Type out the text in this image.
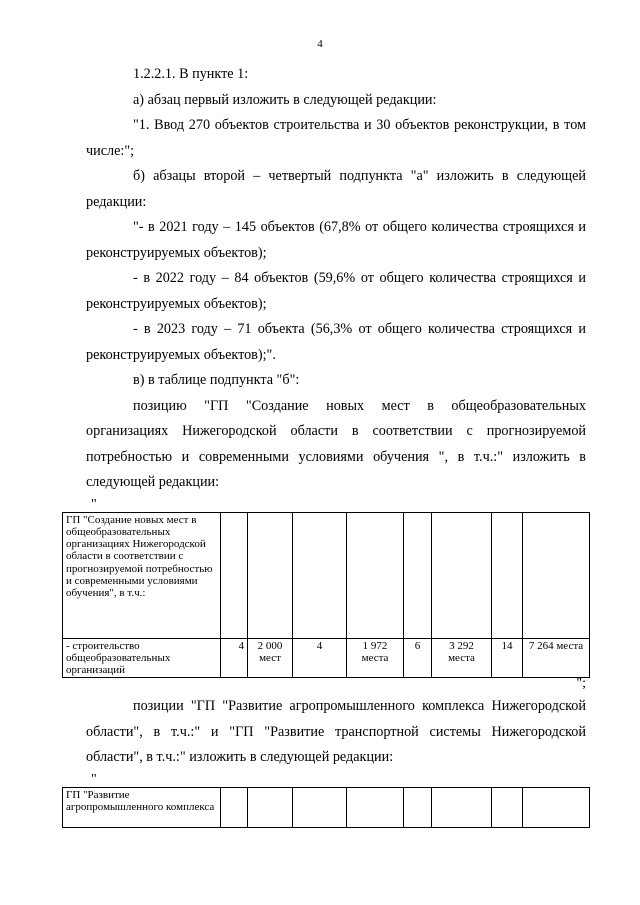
4

1.2.2.1. В пункте 1:

а) абзац первый изложить в следующей редакции:

"1. Ввод 270 объектов строительства и 30 объектов реконструкции, в том числе:";

б) абзацы второй – четвертый подпункта "а" изложить в следующей редакции:

"- в 2021 году – 145 объектов (67,8% от общего количества строящихся и реконструируемых объектов);

- в 2022 году – 84 объектов (59,6% от общего количества строящихся и реконструируемых объектов);

- в 2023 году – 71 объекта (56,3% от общего количества строящихся и реконструируемых объектов);".

в) в таблице подпункта "б":

позицию "ГП "Создание новых мест в общеобразовательных организациях Нижегородской области в соответствии с прогнозируемой потребностью и современными условиями обучения ", в т.ч.:" изложить в следующей редакции:

"
ГП "Создание новых мест в общеобразовательных организациях Нижегородской области в соответствии с прогнозируемой потребностью и современными условиями обучения", в т.ч.:								
- строительство общеобразовательных организаций	4	2 000 мест	4	1 972 места	6	3 292 места	14	7 264 места
";

позиции "ГП "Развитие агропромышленного комплекса Нижегородской области", в т.ч.:" и "ГП "Развитие транспортной системы Нижегородской области", в т.ч.:" изложить в следующей редакции:

"
ГП "Развитие агропромышленного комплекса								
